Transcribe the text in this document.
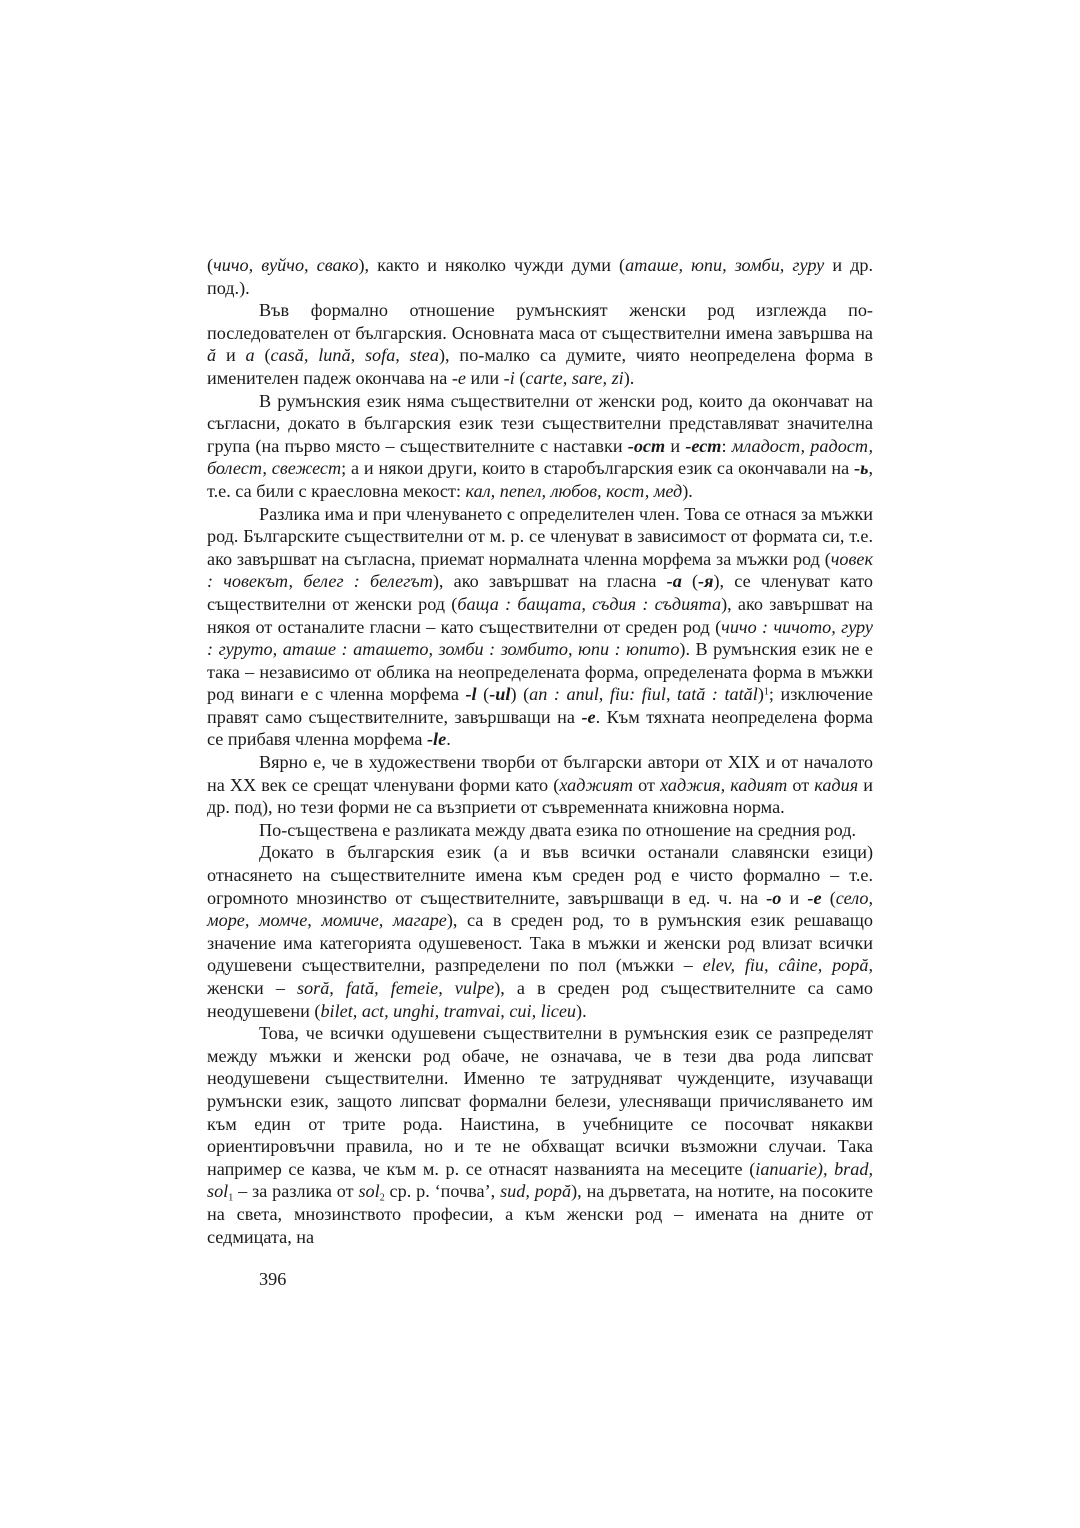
(чичо, вуйчо, свако), както и няколко чужди думи (аташе, юпи, зомби, гуру и др. под.).

Във формално отношение румънският женски род изглежда по-последователен от българския. Основната маса от съществителни имена завършва на ă и a (casă, lună, sofa, stea), по-малко са думите, чиято неопределена форма в именителен падеж окончава на -e или -i (carte, sare, zi).

В румънския език няма съществителни от женски род, които да окончават на съгласни, докато в българския език тези съществителни представляват значителна група (на първо място – съществителните с наставки -ост и -ест: младост, радост, болест, свежест; а и някои други, които в старобългарския език са окончавали на -ь, т.е. са били с краесловна мекост: кал, пепел, любов, кост, мед).

Разлика има и при членуването с определителен член. Това се отнася за мъжки род. Българските съществителни от м. р. се членуват в зависимост от формата си, т.е. ако завършват на съгласна, приемат нормалната членна морфема за мъжки род (човек : човекът, белег : белегът), ако завършват на гласна -а (-я), се членуват като съществителни от женски род (баща : бащата, съдия : съдията), ако завършват на някоя от останалите гласни – като съществителни от среден род (чичо : чичото, гуру : гуруто, аташе : аташето, зомби : зомбито, юпи : юпито). В румънския език не е така – независимо от облика на неопределената форма, определената форма в мъжки род винаги е с членна морфема -l (-ul) (an : anul, fiu: fiul, tată : tatăl)$^1$; изключение правят само съществителните, завършващи на -e. Към тяхната неопределена форма се прибавя членна морфема -le.

Вярно е, че в художествени творби от български автори от XIX и от началото на XX век се срещат членувани форми като (хаджият от хаджия, кадият от кадия и др. под), но тези форми не са възприети от съвременната книжовна норма.

По-съществена е разликата между двата езика по отношение на средния род.

Докато в българския език (а и във всички останали славянски езици) отнасянето на съществителните имена към среден род е чисто формално – т.е. огромното мнозинство от съществителните, завършващи в ед. ч. на -о и -е (село, море, момче, момиче, магаре), са в среден род, то в румънския език решаващо значение има категорията одушевеност. Така в мъжки и женски род влизат всички одушевени съществителни, разпределени по пол (мъжки – elev, fiu, câine, popă, женски – soră, fată, femeie, vulpe), а в среден род съществителните са само неодушевени (bilet, act, unghi, tramvai, cui, liceu).

Това, че всички одушевени съществителни в румънския език се разпределят между мъжки и женски род обаче, не означава, че в тези два рода липсват неодушевени съществителни. Именно те затрудняват чужденците, изучаващи румънски език, защото липсват формални белези, улесняващи причисляването им към един от трите рода. Наистина, в учебниците се посочват някакви ориентировъчни правила, но и те не обхващат всички възможни случаи. Така например се казва, че към м. р. се отнасят названията на месеците (ianuarie), brad, sol$_1$ – за разлика от sol$_2$ ср. р. ‘почва’, sud, popă), на дърветата, на нотите, на посоките на света, мнозинството професии, а към женски род – имената на дните от седмицата, на

396
